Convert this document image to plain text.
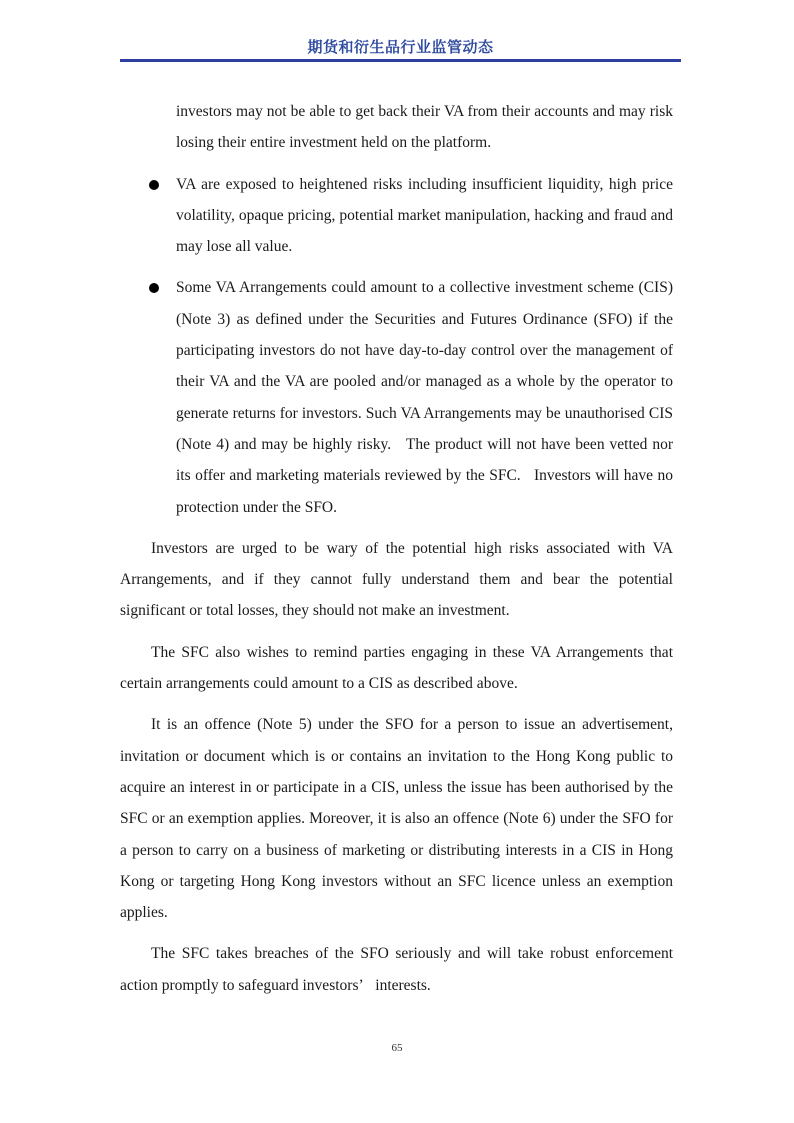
期货和衍生品行业监管动态

investors may not be able to get back their VA from their accounts and may risk losing their entire investment held on the platform.

VA are exposed to heightened risks including insufficient liquidity, high price volatility, opaque pricing, potential market manipulation, hacking and fraud and may lose all value.
Some VA Arrangements could amount to a collective investment scheme (CIS) (Note 3) as defined under the Securities and Futures Ordinance (SFO) if the participating investors do not have day-to-day control over the management of their VA and the VA are pooled and/or managed as a whole by the operator to generate returns for investors. Such VA Arrangements may be unauthorised CIS (Note 4) and may be highly risky.   The product will not have been vetted nor its offer and marketing materials reviewed by the SFC.   Investors will have no protection under the SFO.

Investors are urged to be wary of the potential high risks associated with VA Arrangements, and if they cannot fully understand them and bear the potential significant or total losses, they should not make an investment.

The SFC also wishes to remind parties engaging in these VA Arrangements that certain arrangements could amount to a CIS as described above.

It is an offence (Note 5) under the SFO for a person to issue an advertisement, invitation or document which is or contains an invitation to the Hong Kong public to acquire an interest in or participate in a CIS, unless the issue has been authorised by the SFC or an exemption applies. Moreover, it is also an offence (Note 6) under the SFO for a person to carry on a business of marketing or distributing interests in a CIS in Hong Kong or targeting Hong Kong investors without an SFC licence unless an exemption applies.

The SFC takes breaches of the SFO seriously and will take robust enforcement action promptly to safeguard investors’   interests.

65
